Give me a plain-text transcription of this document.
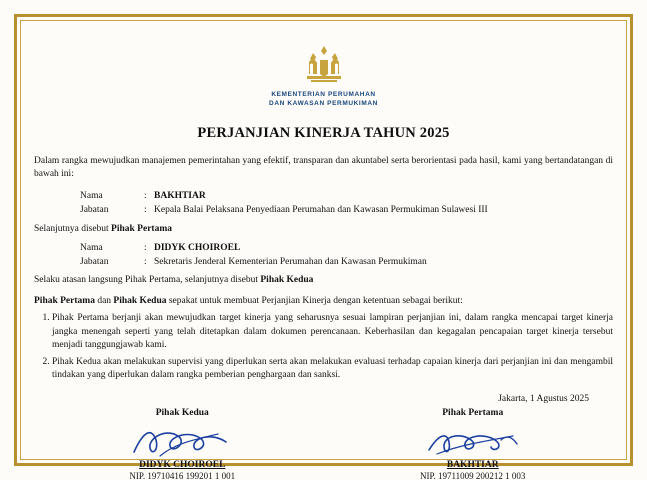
KEMENTERIAN PERUMAHAN
DAN KAWASAN PERMUKIMAN
PERJANJIAN KINERJA TAHUN 2025
Dalam rangka mewujudkan manajemen pemerintahan yang efektif, transparan dan akuntabel serta berorientasi pada hasil, kami yang bertandatangan di bawah ini:
Nama	: BAKHTIAR
Jabatan	: Kepala Balai Pelaksana Penyediaan Perumahan dan Kawasan Permukiman Sulawesi III
Selanjutnya disebut Pihak Pertama
Nama	: DIDYK CHOIROEL
Jabatan	: Sekretaris Jenderal Kementerian Perumahan dan Kawasan Permukiman
Selaku atasan langsung Pihak Pertama, selanjutnya disebut Pihak Kedua
Pihak Pertama dan Pihak Kedua sepakat untuk membuat Perjanjian Kinerja dengan ketentuan sebagai berikut:
1. Pihak Pertama berjanji akan mewujudkan target kinerja yang seharusnya sesuai lampiran perjanjian ini, dalam rangka mencapai target kinerja jangka menengah seperti yang telah ditetapkan dalam dokumen perencanaan. Keberhasilan dan kegagalan pencapaian target kinerja tersebut menjadi tanggungjawab kami.
2. Pihak Kedua akan melakukan supervisi yang diperlukan serta akan melakukan evaluasi terhadap capaian kinerja dari perjanjian ini dan mengambil tindakan yang diperlukan dalam rangka pemberian penghargaan dan sanksi.
Jakarta, 1 Agustus 2025
Pihak Kedua
DIDYK CHOIROEL
NIP. 19710416 199201 1 001
Pihak Pertama
BAKHTIAR
NIP. 19711009 200212 1 003
